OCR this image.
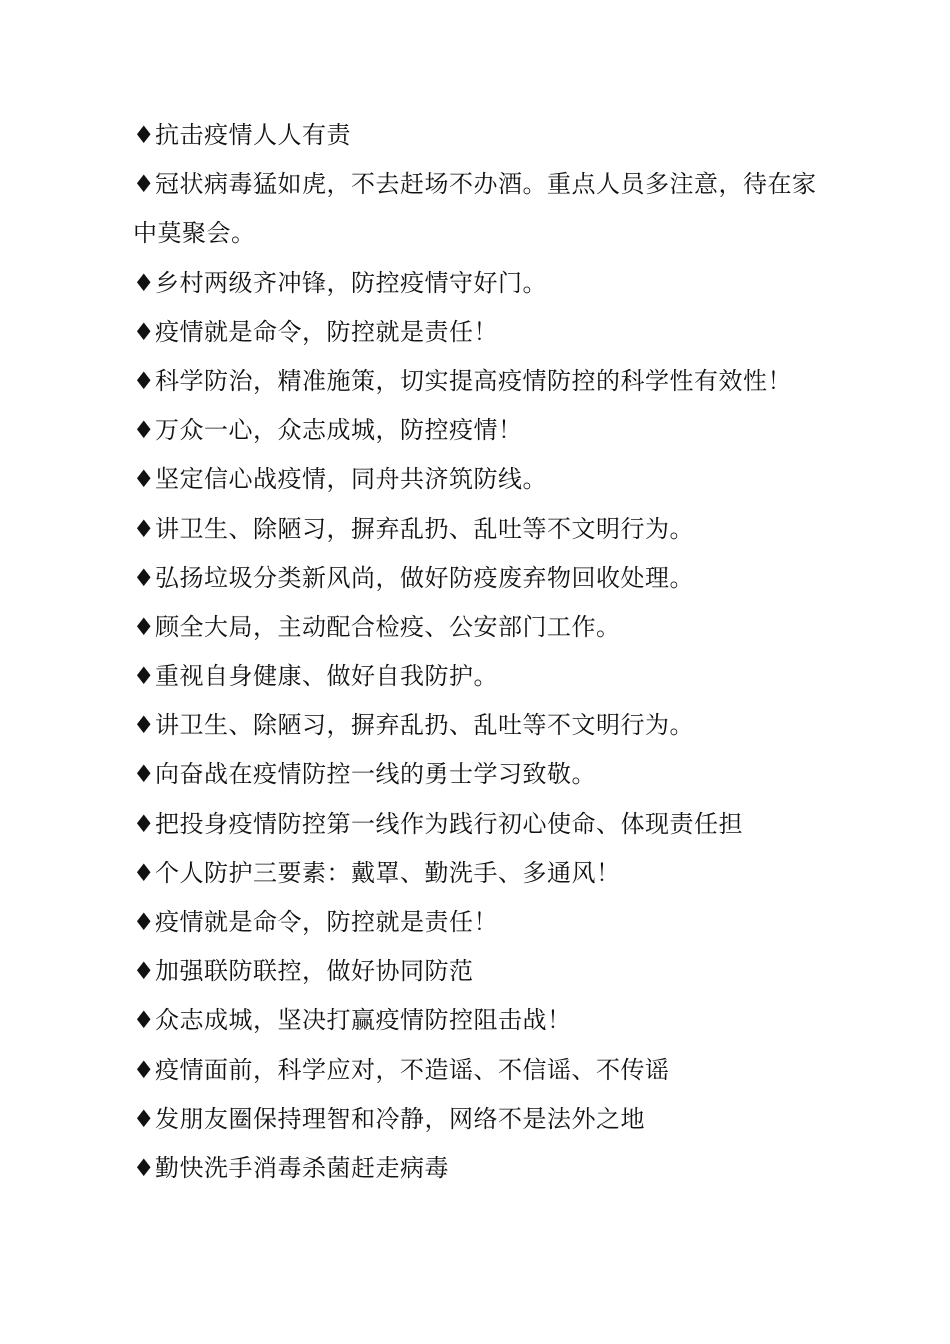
♦抗击疫情人人有责
♦冠状病毒猛如虎，不去赶场不办酒。重点人员多注意，待在家
中莫聚会。
♦乡村两级齐冲锋，防控疫情守好门。
♦疫情就是命令，防控就是责任！
♦科学防治，精准施策，切实提高疫情防控的科学性有效性！
♦万众一心，众志成城，防控疫情！
♦坚定信心战疫情，同舟共济筑防线。
♦讲卫生、除陋习，摒弃乱扔、乱吐等不文明行为。
♦弘扬垃圾分类新风尚，做好防疫废弃物回收处理。
♦顾全大局，主动配合检疫、公安部门工作。
♦重视自身健康、做好自我防护。
♦讲卫生、除陋习，摒弃乱扔、乱吐等不文明行为。
♦向奋战在疫情防控一线的勇士学习致敬。
♦把投身疫情防控第一线作为践行初心使命、体现责任担
♦个人防护三要素：戴罩、勤洗手、多通风！
♦疫情就是命令，防控就是责任！
♦加强联防联控，做好协同防范
♦众志成城，坚决打赢疫情防控阻击战！
♦疫情面前，科学应对，不造谣、不信谣、不传谣
♦发朋友圈保持理智和冷静，网络不是法外之地
♦勤快洗手消毒杀菌赶走病毒
